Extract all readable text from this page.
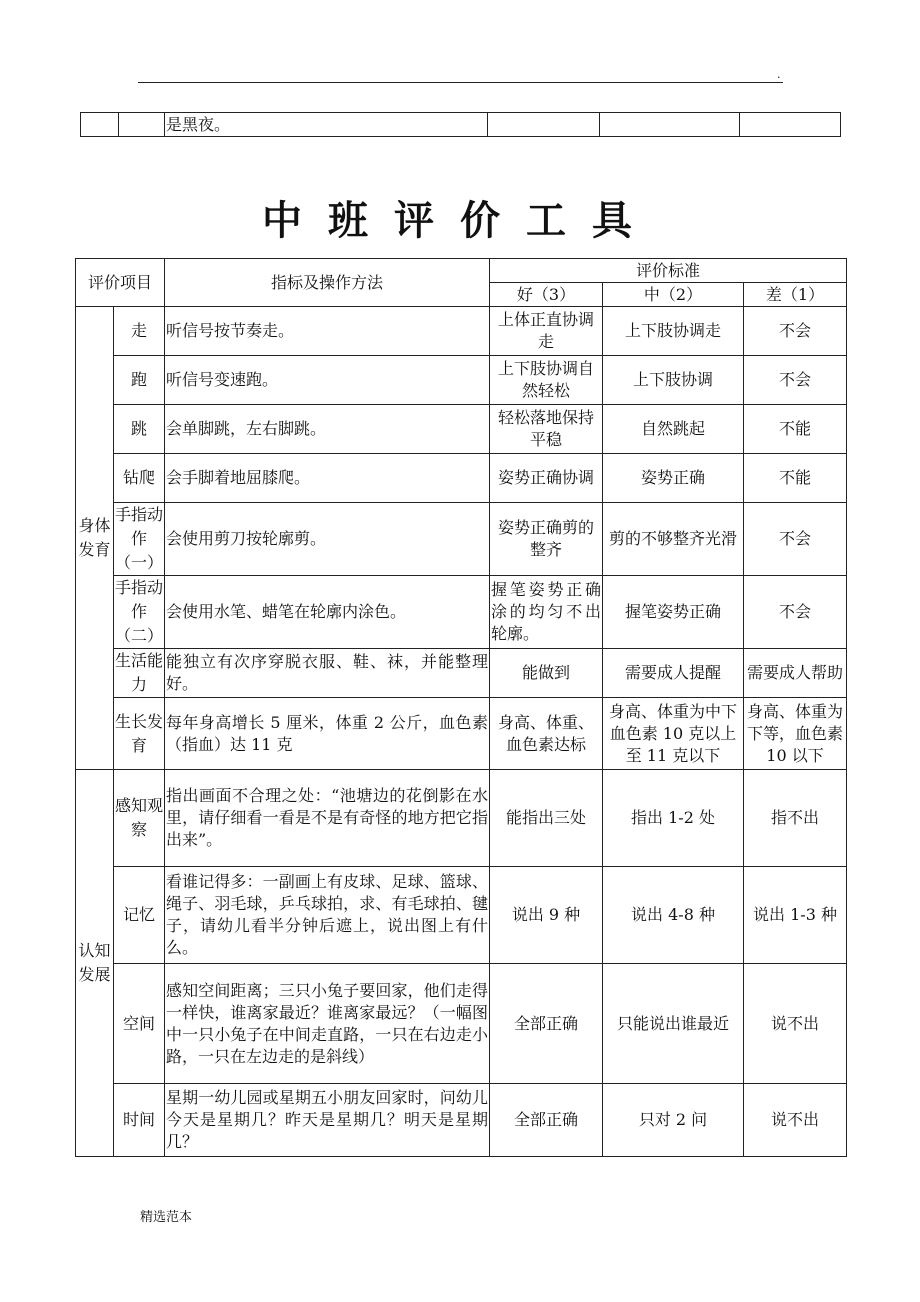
.
		是黑夜。			
中班评价工具
评价项目		指标及操作方法	评价标准		
			好（3）	中（2）	差（1）
身体发育	走	听信号按节奏走。	上体正直协调走	上下肢协调走	不会
	跑	听信号变速跑。	上下肢协调自然轻松	上下肢协调	不会
	跳	会单脚跳，左右脚跳。	轻松落地保持平稳	自然跳起	不能
	钻爬	会手脚着地屈膝爬。	姿势正确协调	姿势正确	不能
	手指动作（一）	会使用剪刀按轮廓剪。	姿势正确剪的整齐	剪的不够整齐光滑	不会
	手指动作（二）	会使用水笔、蜡笔在轮廓内涂色。	握笔姿势正确涂的均匀不出轮廓。	握笔姿势正确	不会
	生活能力	能独立有次序穿脱衣服、鞋、袜，并能整理好。	能做到	需要成人提醒	需要成人帮助
	生长发育	每年身高增长 5 厘米，体重 2 公斤，血色素（指血）达 11 克	身高、体重、血色素达标	身高、体重为中下血色素 10 克以上至 11 克以下	身高、体重为下等，血色素 10 以下
认知发展	感知观察	指出画面不合理之处：“池塘边的花倒影在水里，请仔细看一看是不是有奇怪的地方把它指出来”。	能指出三处	指出 1-2 处	指不出
	记忆	看谁记得多：一副画上有皮球、足球、篮球、绳子、羽毛球，乒乓球拍，求、有毛球拍、毽子，请幼儿看半分钟后遮上，说出图上有什么。	说出 9 种	说出 4-8 种	说出 1-3 种
	空间	感知空间距离；三只小兔子要回家，他们走得一样快，谁离家最近？谁离家最远？（一幅图中一只小兔子在中间走直路，一只在右边走小路，一只在左边走的是斜线）	全部正确	只能说出谁最近	说不出
	时间	星期一幼儿园或星期五小朋友回家时，问幼儿今天是星期几？昨天是星期几？明天是星期几？	全部正确	只对 2 问	说不出
精选范本
